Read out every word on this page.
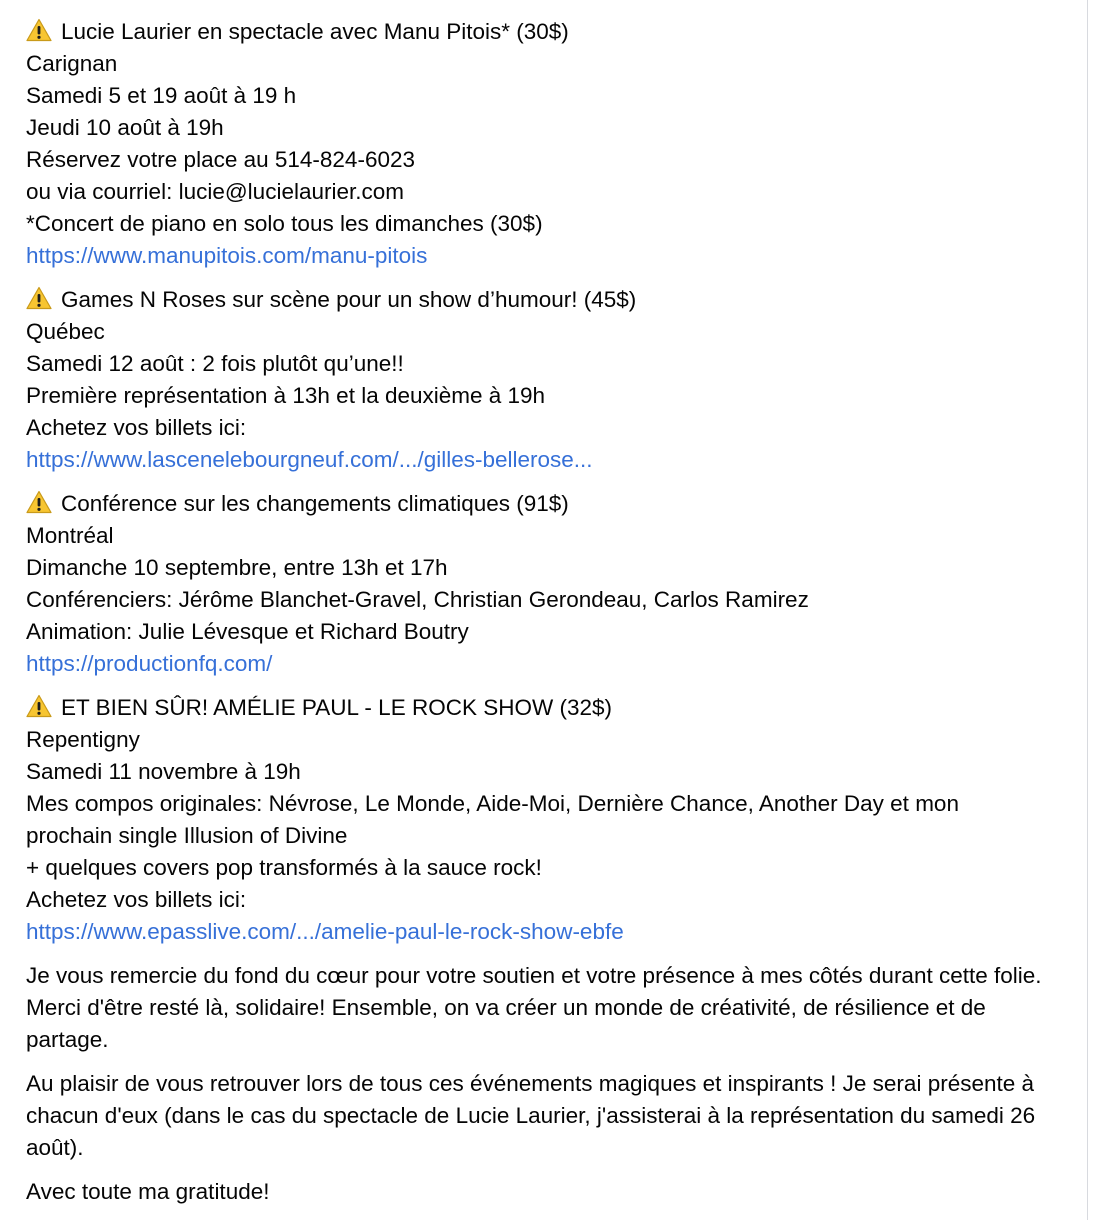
Lucie Laurier en spectacle avec Manu Pitois* (30$)
Carignan
Samedi 5 et 19 août à 19 h
Jeudi 10 août à 19h
Réservez votre place au 514-824-6023
ou via courriel: lucie@lucielaurier.com
*Concert de piano en solo tous les dimanches (30$)
https://www.manupitois.com/manu-pitois
Games N Roses sur scène pour un show d’humour! (45$)
Québec
Samedi 12 août : 2 fois plutôt qu’une!!
Première représentation à 13h et la deuxième à 19h
Achetez vos billets ici:
https://www.lascenelebourgneuf.com/.../gilles-bellerose...
Conférence sur les changements climatiques (91$)
Montréal
Dimanche 10 septembre, entre 13h et 17h
Conférenciers: Jérôme Blanchet-Gravel, Christian Gerondeau, Carlos Ramirez
Animation: Julie Lévesque et Richard Boutry
https://productionfq.com/
ET BIEN SÛR! AMÉLIE PAUL - LE ROCK SHOW (32$)
Repentigny
Samedi 11 novembre à 19h
Mes compos originales: Névrose, Le Monde, Aide-Moi, Dernière Chance, Another Day et mon
prochain single Illusion of Divine
+ quelques covers pop transformés à la sauce rock!
Achetez vos billets ici:
https://www.epasslive.com/.../amelie-paul-le-rock-show-ebfe

Je vous remercie du fond du cœur pour votre soutien et votre présence à mes côtés durant cette folie. Merci d'être resté là, solidaire! Ensemble, on va créer un monde de créativité, de résilience et de partage.

Au plaisir de vous retrouver lors de tous ces événements magiques et inspirants ! Je serai présente à chacun d'eux (dans le cas du spectacle de Lucie Laurier, j'assisterai à la représentation du samedi 26 août).

Avec toute ma gratitude!
